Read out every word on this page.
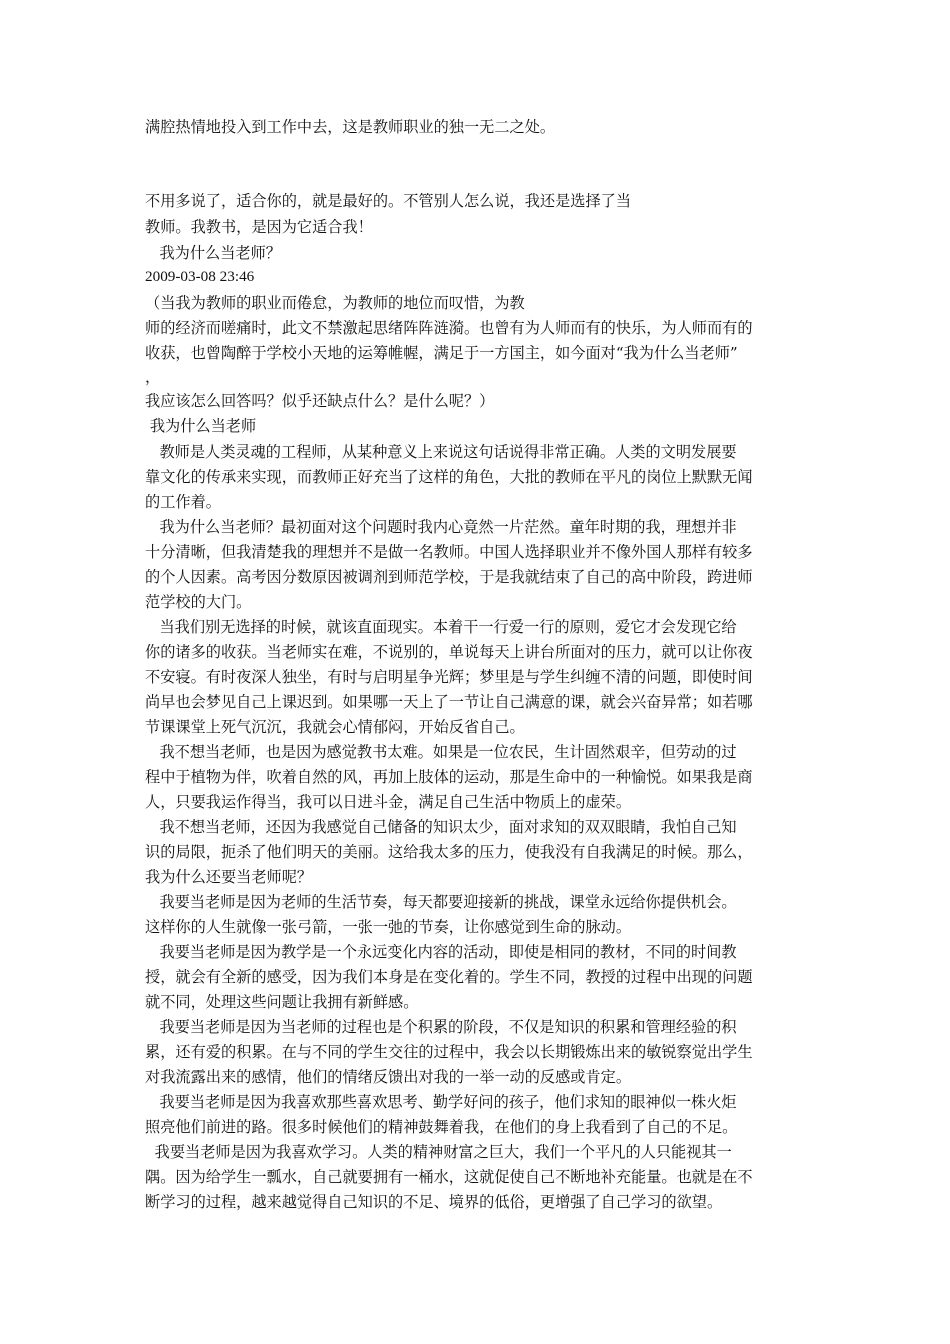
满腔热情地投入到工作中去，这是教师职业的独一无二之处。

不用多说了，适合你的，就是最好的。不管别人怎么说，我还是选择了当

教师。我教书，是因为它适合我！

我为什么当老师？

2009-03-08 23:46

（当我为教师的职业而倦怠，为教师的地位而叹惜，为教

师的经济而嗟痛时，此文不禁激起思绪阵阵涟漪。也曾有为人师而有的快乐，为人师而有的

收获，也曾陶醉于学校小天地的运筹帷幄，满足于一方国主，如今面对“我为什么当老师”

，

我应该怎么回答吗？似乎还缺点什么？是什么呢？）

我为什么当老师

教师是人类灵魂的工程师，从某种意义上来说这句话说得非常正确。人类的文明发展要

靠文化的传承来实现，而教师正好充当了这样的角色，大批的教师在平凡的岗位上默默无闻

的工作着。

我为什么当老师？最初面对这个问题时我内心竟然一片茫然。童年时期的我，理想并非

十分清晰，但我清楚我的理想并不是做一名教师。中国人选择职业并不像外国人那样有较多

的个人因素。高考因分数原因被调剂到师范学校，于是我就结束了自己的高中阶段，跨进师

范学校的大门。

当我们别无选择的时候，就该直面现实。本着干一行爱一行的原则，爱它才会发现它给

你的诸多的收获。当老师实在难，不说别的，单说每天上讲台所面对的压力，就可以让你夜

不安寝。有时夜深人独坐，有时与启明星争光辉；梦里是与学生纠缠不清的问题，即使时间

尚早也会梦见自己上课迟到。如果哪一天上了一节让自己满意的课，就会兴奋异常；如若哪

节课课堂上死气沉沉，我就会心情郁闷，开始反省自己。

我不想当老师，也是因为感觉教书太难。如果是一位农民，生计固然艰辛，但劳动的过

程中于植物为伴，吹着自然的风，再加上肢体的运动，那是生命中的一种愉悦。如果我是商

人，只要我运作得当，我可以日进斗金，满足自己生活中物质上的虚荣。

我不想当老师，还因为我感觉自己储备的知识太少，面对求知的双双眼睛，我怕自己知

识的局限，扼杀了他们明天的美丽。这给我太多的压力，使我没有自我满足的时候。那么，

我为什么还要当老师呢？

我要当老师是因为老师的生活节奏，每天都要迎接新的挑战，课堂永远给你提供机会。

这样你的人生就像一张弓箭，一张一弛的节奏，让你感觉到生命的脉动。

我要当老师是因为教学是一个永远变化内容的活动，即使是相同的教材，不同的时间教

授，就会有全新的感受，因为我们本身是在变化着的。学生不同，教授的过程中出现的问题

就不同，处理这些问题让我拥有新鲜感。

我要当老师是因为当老师的过程也是个积累的阶段，不仅是知识的积累和管理经验的积

累，还有爱的积累。在与不同的学生交往的过程中，我会以长期锻炼出来的敏锐察觉出学生

对我流露出来的感情，他们的情绪反馈出对我的一举一动的反感或肯定。

我要当老师是因为我喜欢那些喜欢思考、勤学好问的孩子，他们求知的眼神似一株火炬

照亮他们前进的路。很多时候他们的精神鼓舞着我，在他们的身上我看到了自己的不足。

我要当老师是因为我喜欢学习。人类的精神财富之巨大，我们一个平凡的人只能视其一

隅。因为给学生一瓢水，自己就要拥有一桶水，这就促使自己不断地补充能量。也就是在不

断学习的过程，越来越觉得自己知识的不足、境界的低俗，更增强了自己学习的欲望。
